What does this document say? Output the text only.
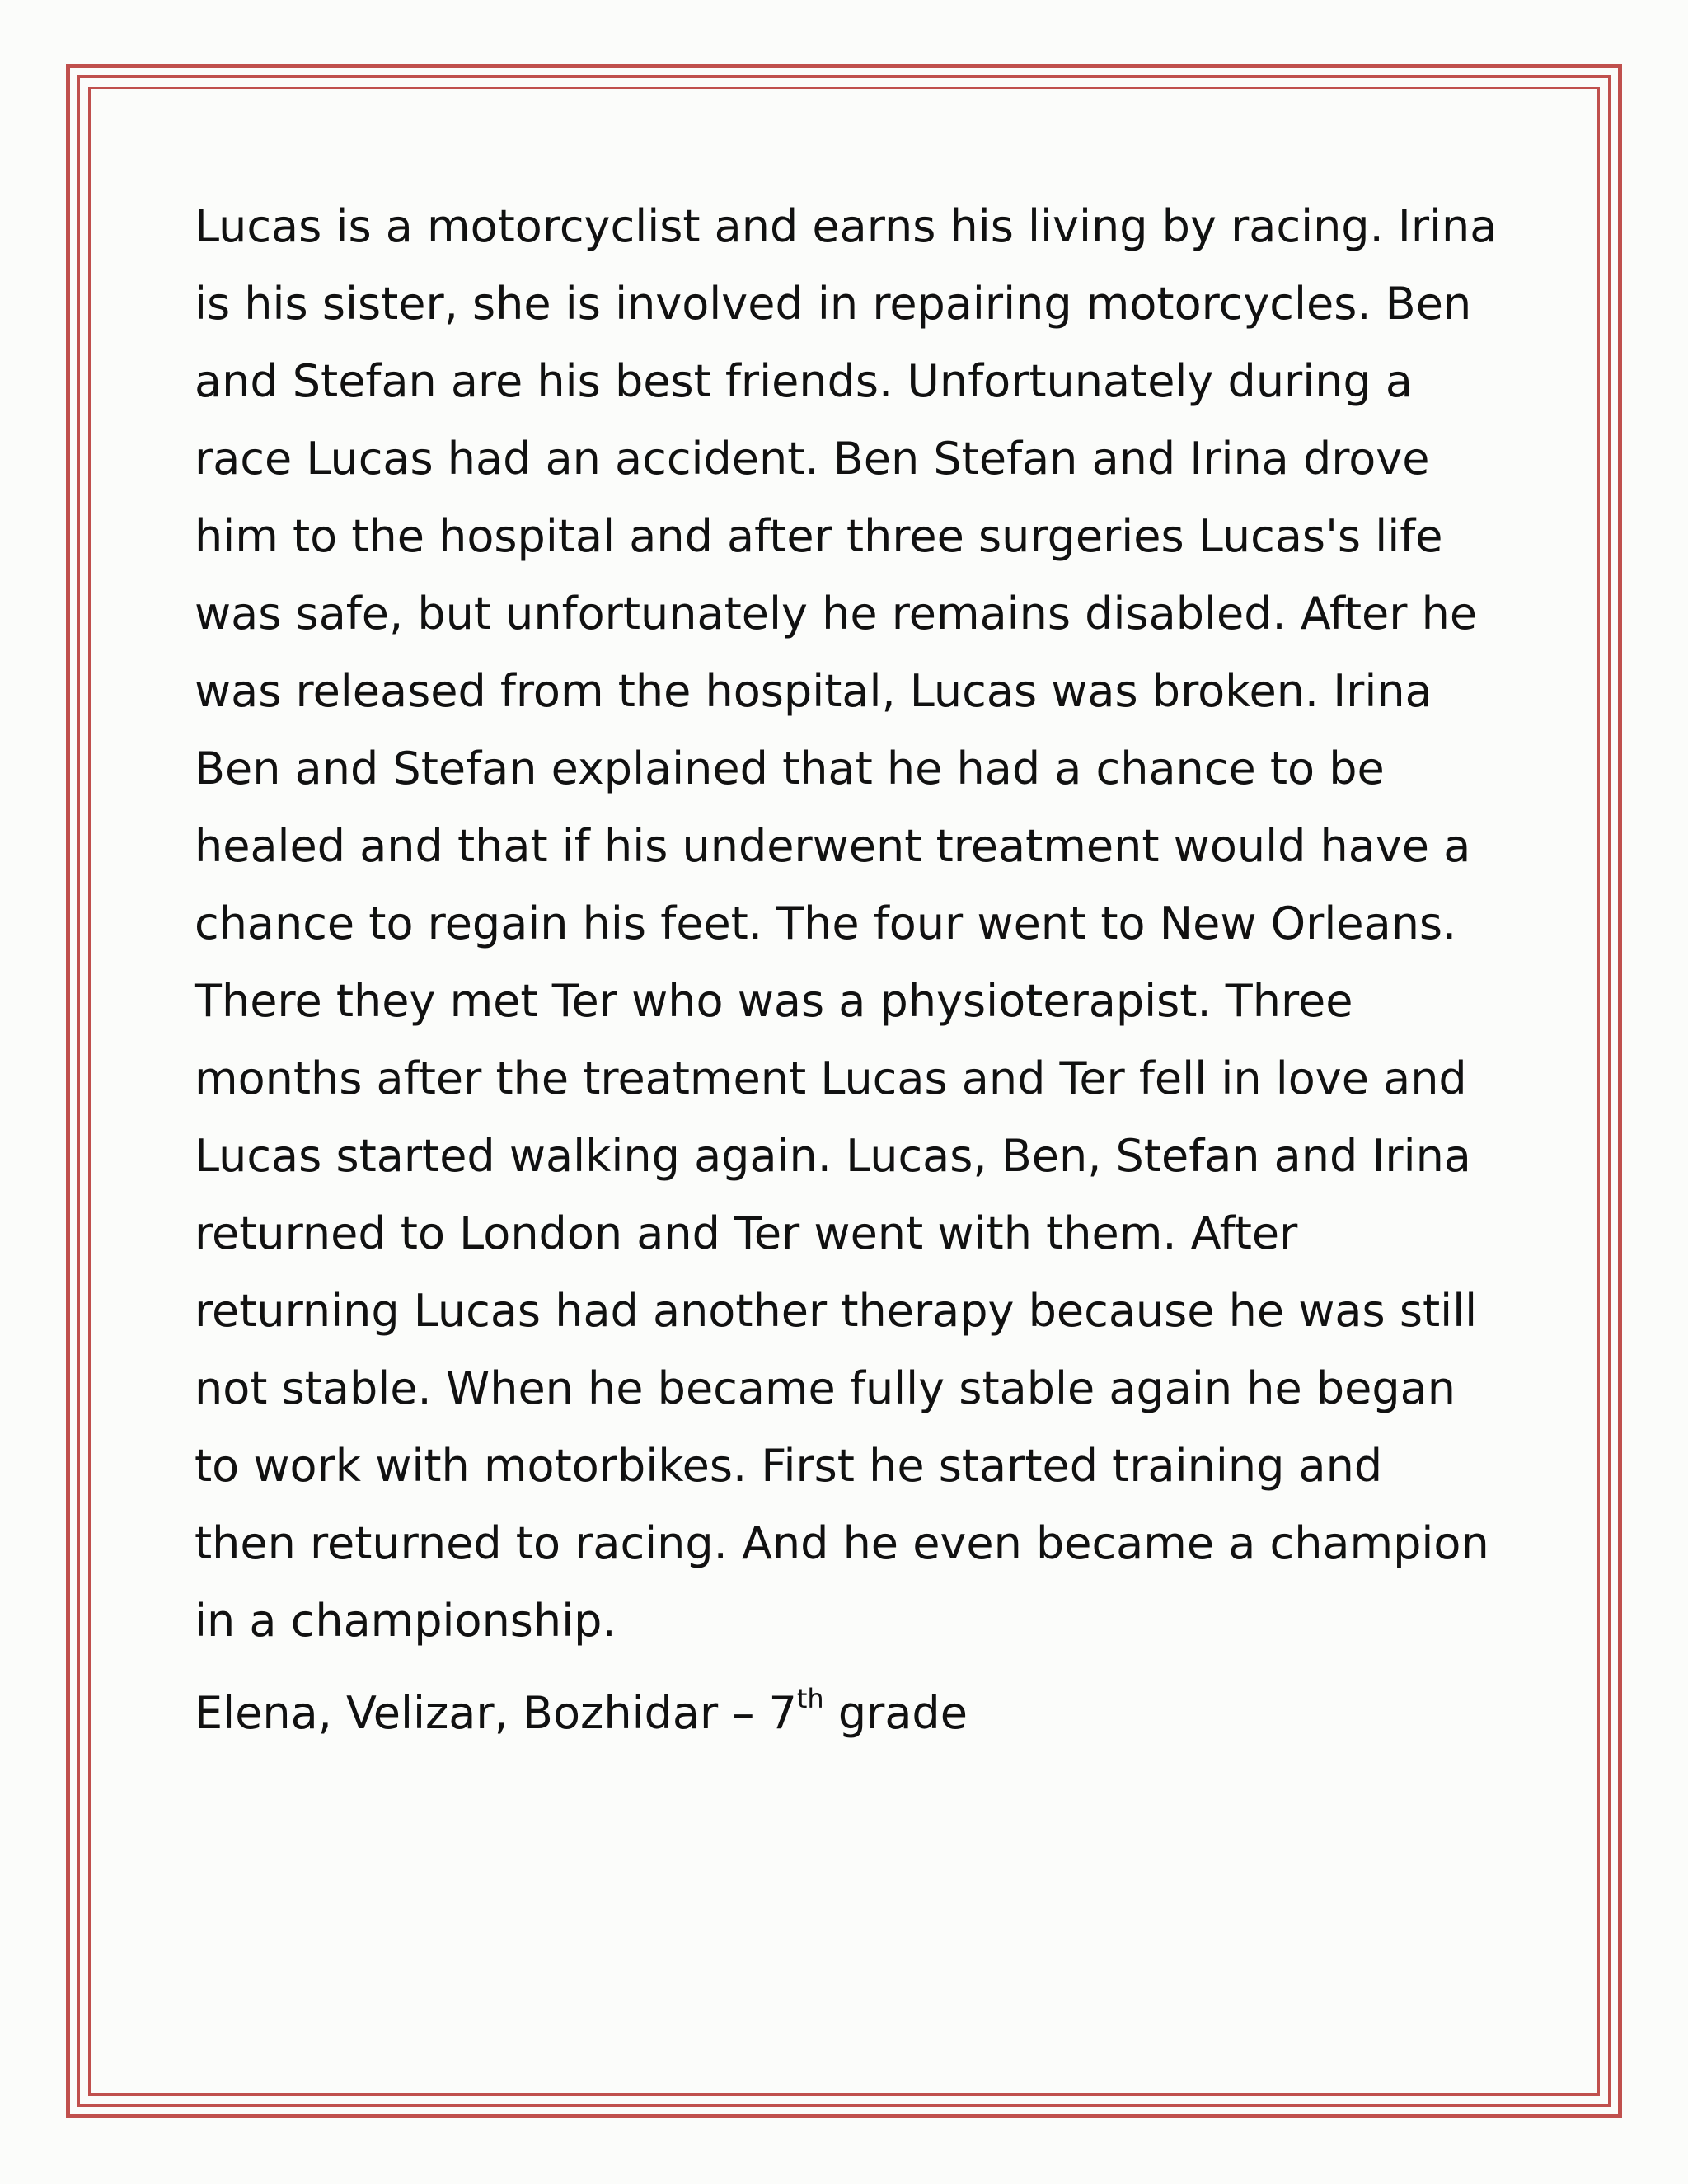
Lucas is a motorcyclist and earns his living by racing. Irina
is his sister, she is involved in repairing motorcycles. Ben
and Stefan are his best friends. Unfortunately during a
race Lucas had an accident. Ben Stefan and Irina drove
him to the hospital and after three surgeries Lucas's life
was safe, but unfortunately he remains disabled. After he
was released from the hospital, Lucas was broken. Irina
Ben and Stefan explained that he had a chance to be
healed and that if his underwent treatment would have a
chance to regain his feet. The four went to New Orleans.
There they met Ter who was a physioterapist. Three
months after the treatment Lucas and Ter fell in love and
Lucas started walking again. Lucas, Ben, Stefan and Irina
returned to London and Ter went with them. After
returning Lucas had another therapy because he was still
not stable. When he became fully stable again he began
to work with motorbikes. First he started training and
then returned to racing. And he even became a champion
in a championship.

Elena, Velizar, Bozhidar – 7th grade
